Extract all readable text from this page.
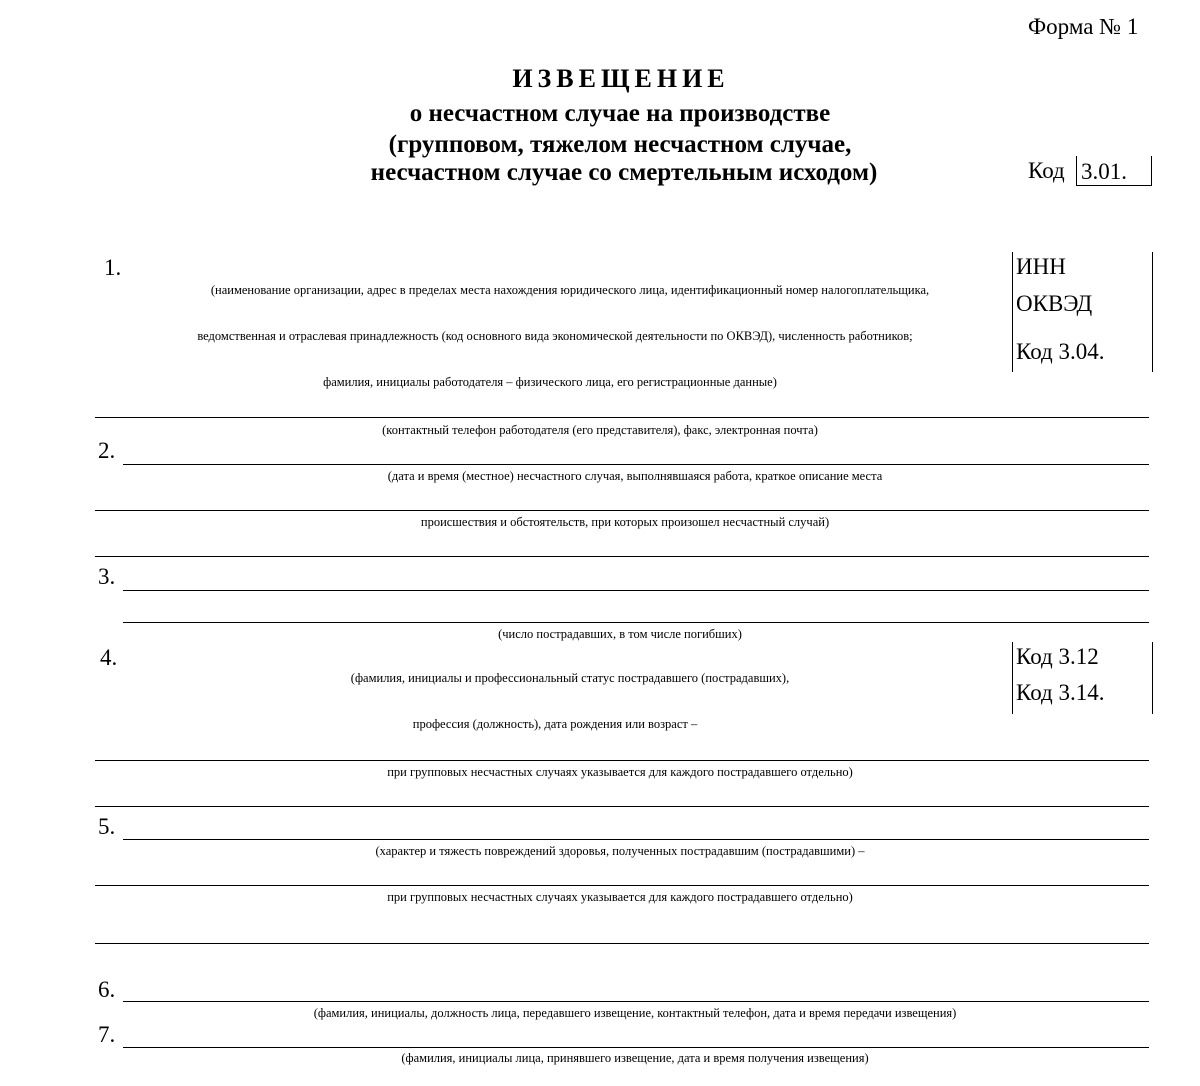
Форма № 1
ИЗВЕЩЕНИЕ
о несчастном случае на производстве
(групповом, тяжелом несчастном случае,
несчастном случае со смертельным исходом)	Код 3.01.
1.
(наименование организации, адрес в пределах места нахождения юридического лица, идентификационный номер налогоплательщика,
ведомственная и отраслевая принадлежность (код основного вида экономической деятельности по ОКВЭД), численность работников;
фамилия, инициалы работодателя – физического лица, его регистрационные данные)
(контактный телефон работодателя (его представителя), факс, электронная почта)
ИНН
ОКВЭД
Код 3.04.
2.
(дата и время (местное) несчастного случая, выполнявшаяся работа, краткое описание места
происшествия и обстоятельств, при которых произошел несчастный случай)
3.
(число пострадавших, в том числе погибших)
4.
(фамилия, инициалы и профессиональный статус пострадавшего (пострадавших),
профессия (должность), дата рождения или возраст –
при групповых несчастных случаях указывается для каждого пострадавшего отдельно)
Код 3.12
Код 3.14.
5.
(характер и тяжесть повреждений здоровья, полученных пострадавшим (пострадавшими) –
при групповых несчастных случаях указывается для каждого пострадавшего отдельно)
6.
(фамилия, инициалы, должность лица, передавшего извещение, контактный телефон, дата и время передачи извещения)
7.
(фамилия, инициалы лица, принявшего извещение, дата и время получения извещения)
